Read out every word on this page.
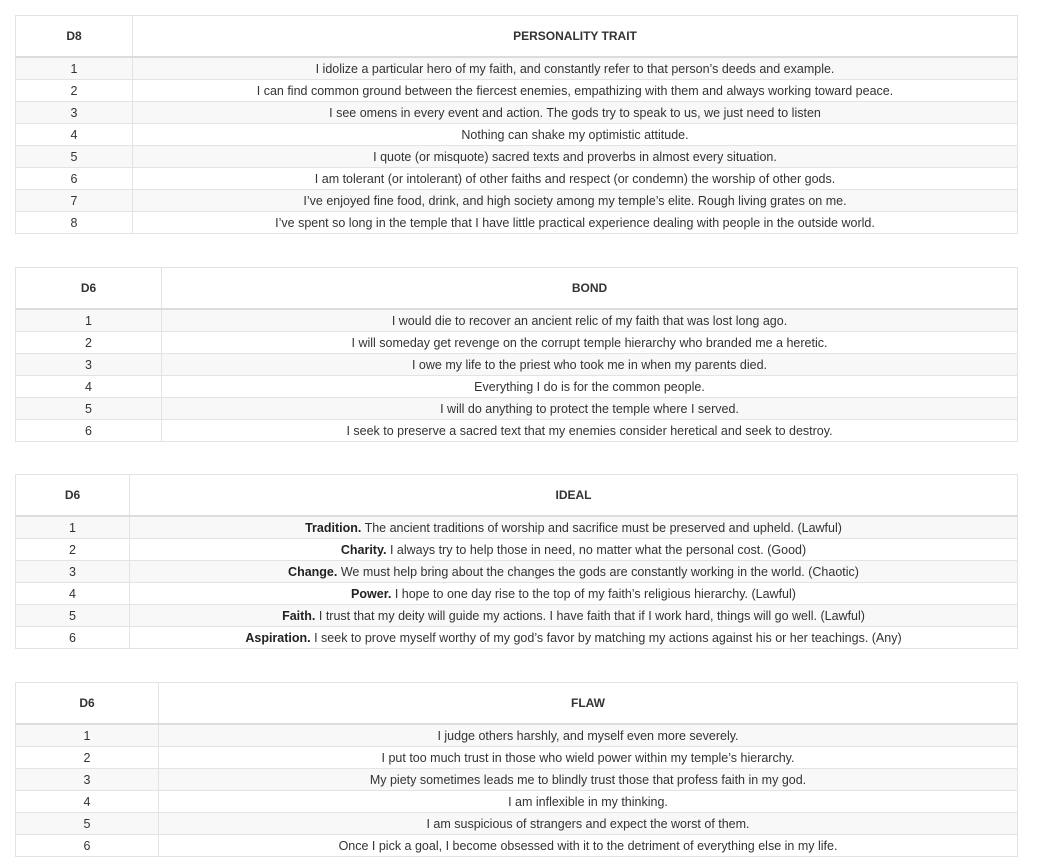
D8	PERSONALITY TRAIT
1	I idolize a particular hero of my faith, and constantly refer to that person’s deeds and example.
2	I can find common ground between the fiercest enemies, empathizing with them and always working toward peace.
3	I see omens in every event and action. The gods try to speak to us, we just need to listen
4	Nothing can shake my optimistic attitude.
5	I quote (or misquote) sacred texts and proverbs in almost every situation.
6	I am tolerant (or intolerant) of other faiths and respect (or condemn) the worship of other gods.
7	I’ve enjoyed fine food, drink, and high society among my temple’s elite. Rough living grates on me.
8	I’ve spent so long in the temple that I have little practical experience dealing with people in the outside world.
D6	BOND
1	I would die to recover an ancient relic of my faith that was lost long ago.
2	I will someday get revenge on the corrupt temple hierarchy who branded me a heretic.
3	I owe my life to the priest who took me in when my parents died.
4	Everything I do is for the common people.
5	I will do anything to protect the temple where I served.
6	I seek to preserve a sacred text that my enemies consider heretical and seek to destroy.
D6	IDEAL
1	Tradition. The ancient traditions of worship and sacrifice must be preserved and upheld. (Lawful)
2	Charity. I always try to help those in need, no matter what the personal cost. (Good)
3	Change. We must help bring about the changes the gods are constantly working in the world. (Chaotic)
4	Power. I hope to one day rise to the top of my faith’s religious hierarchy. (Lawful)
5	Faith. I trust that my deity will guide my actions. I have faith that if I work hard, things will go well. (Lawful)
6	Aspiration. I seek to prove myself worthy of my god’s favor by matching my actions against his or her teachings. (Any)
D6	FLAW
1	I judge others harshly, and myself even more severely.
2	I put too much trust in those who wield power within my temple’s hierarchy.
3	My piety sometimes leads me to blindly trust those that profess faith in my god.
4	I am inflexible in my thinking.
5	I am suspicious of strangers and expect the worst of them.
6	Once I pick a goal, I become obsessed with it to the detriment of everything else in my life.
